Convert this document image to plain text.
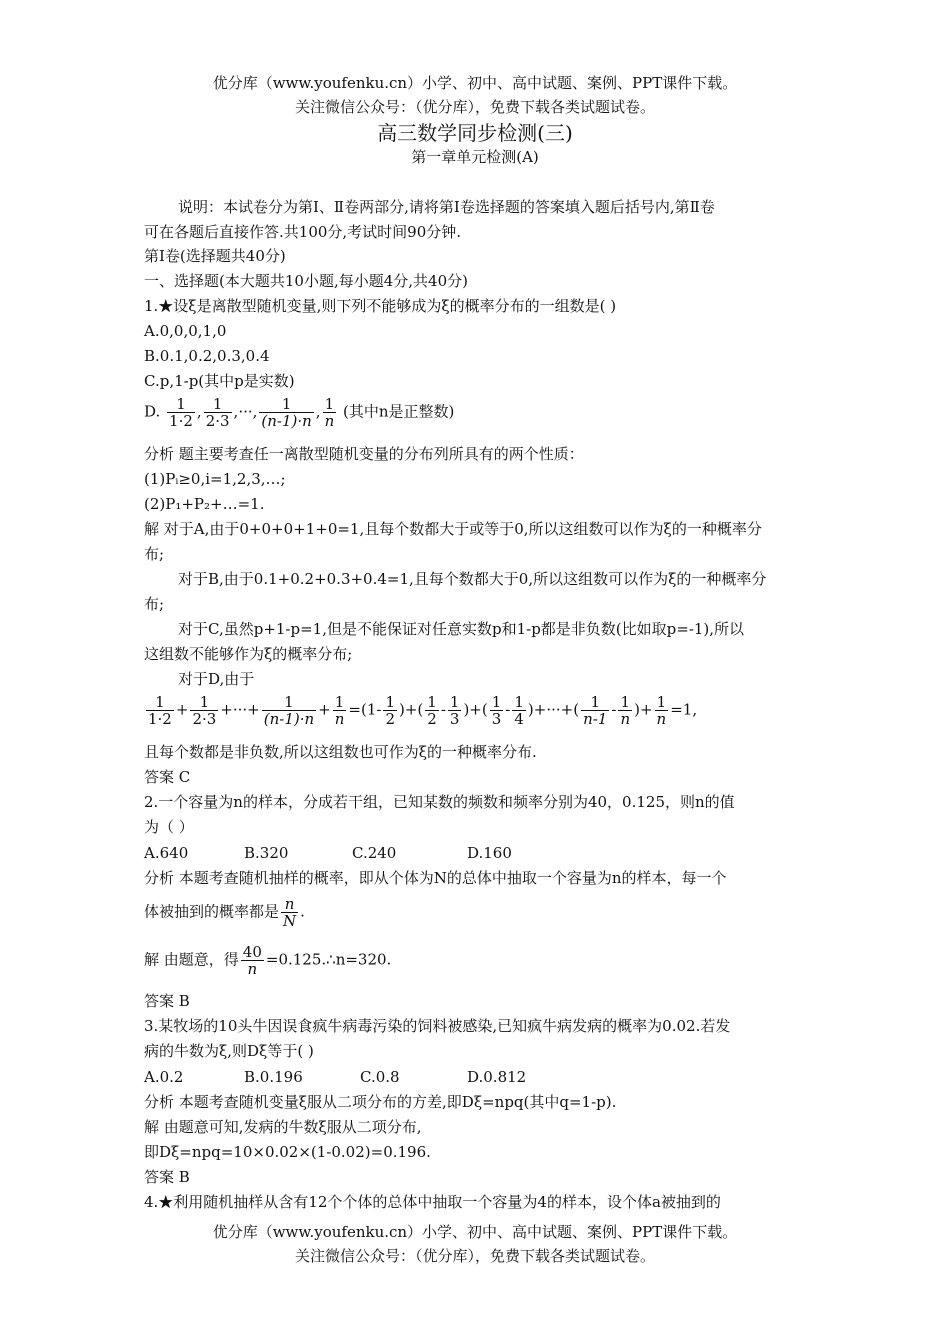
优分库（www.youfenku.cn）小学、初中、高中试题、案例、PPT课件下载。
关注微信公众号：（优分库），免费下载各类试题试卷。
高三数学同步检测(三)
第一章单元检测(A)
说明：本试卷分为第Ⅰ、Ⅱ卷两部分,请将第Ⅰ卷选择题的答案填入题后括号内,第Ⅱ卷
可在各题后直接作答.共100分,考试时间90分钟.
第Ⅰ卷(选择题共40分)
一、选择题(本大题共10小题,每小题4分,共40分)
1.★设ξ是离散型随机变量,则下列不能够成为ξ的概率分布的一组数是( )
A.0,0,0,1,0
B.0.1,0.2,0.3,0.4
C.p,1-p(其中p是实数)
D. $\frac{1}{1\cdot 2}$ , $\frac{1}{2\cdot 3}$ ,···, $\frac{1}{(n-1)\cdot n}$ , $\frac{1}{n}$ (其中n是正整数)
分析 题主要考查任一离散型随机变量的分布列所具有的两个性质：
(1)Pᵢ≥0,i=1,2,3,…;
(2)P₁+P₂+…=1.
解 对于A,由于0+0+0+1+0=1,且每个数都大于或等于0,所以这组数可以作为ξ的一种概率分
布;
对于B,由于0.1+0.2+0.3+0.4=1,且每个数都大于0,所以这组数可以作为ξ的一种概率分
布;
对于C,虽然p+1-p=1,但是不能保证对任意实数p和1-p都是非负数(比如取p=-1),所以
这组数不能够作为ξ的概率分布;
对于D,由于
$\frac{1}{1\cdot 2} + \frac{1}{2\cdot 3}$ +···+ $\frac{1}{(n-1)\cdot n} + \frac{1}{n} =(1- \frac{1}{2}$ )+( $\frac{1}{2} - \frac{1}{3}$ )+( $\frac{1}{3} - \frac{1}{4}$ )+···+( $\frac{1}{n-1} - \frac{1}{n}$ )+ $\frac{1}{n} =1$,
且每个数都是非负数,所以这组数也可作为ξ的一种概率分布.
答案 C
2.一个容量为n的样本，分成若干组，已知某数的频数和频率分别为40，0.125，则n的值
为（ ）
A.640	B.320	C.240	D.160
分析 本题考查随机抽样的概率，即从个体为N的总体中抽取一个容量为n的样本，每一个
体被抽到的概率都是 $\frac{n}{N}$ .
解 由题意，得 $\frac{40}{n}$ =0.125.∴n=320.
答案 B
3.某牧场的10头牛因误食疯牛病毒污染的饲料被感染,已知疯牛病发病的概率为0.02.若发
病的牛数为ξ,则Dξ等于( )
A.0.2	B.0.196	C.0.8	D.0.812
分析 本题考查随机变量ξ服从二项分布的方差,即Dξ=npq(其中q=1-p).
解 由题意可知,发病的牛数ξ服从二项分布,
即Dξ=npq=10×0.02×(1-0.02)=0.196.
答案 B
4.★利用随机抽样从含有12个个体的总体中抽取一个容量为4的样本，设个体a被抽到的
优分库（www.youfenku.cn）小学、初中、高中试题、案例、PPT课件下载。
关注微信公众号：（优分库），免费下载各类试题试卷。
